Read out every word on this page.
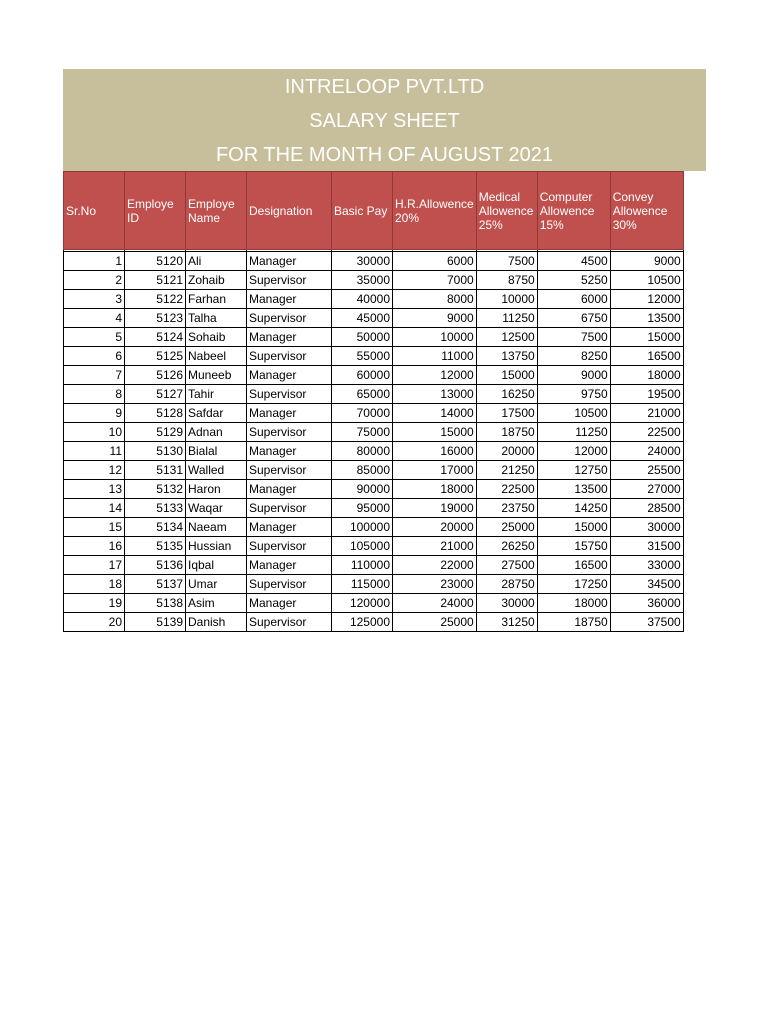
INTRELOOP PVT.LTD
SALARY SHEET
FOR THE MONTH OF AUGUST 2021
Sr.No	Employe ID	Employe Name	Designation	Basic Pay	H.R.Allowence 20%	Medical Allowence 25%	Computer Allowence 15%	Convey Allowence 30%

1	5120	Ali	Manager	30000	6000	7500	4500	9000
2	5121	Zohaib	Supervisor	35000	7000	8750	5250	10500
3	5122	Farhan	Manager	40000	8000	10000	6000	12000
4	5123	Talha	Supervisor	45000	9000	11250	6750	13500
5	5124	Sohaib	Manager	50000	10000	12500	7500	15000
6	5125	Nabeel	Supervisor	55000	11000	13750	8250	16500
7	5126	Muneeb	Manager	60000	12000	15000	9000	18000
8	5127	Tahir	Supervisor	65000	13000	16250	9750	19500
9	5128	Safdar	Manager	70000	14000	17500	10500	21000
10	5129	Adnan	Supervisor	75000	15000	18750	11250	22500
11	5130	Bialal	Manager	80000	16000	20000	12000	24000
12	5131	Walled	Supervisor	85000	17000	21250	12750	25500
13	5132	Haron	Manager	90000	18000	22500	13500	27000
14	5133	Waqar	Supervisor	95000	19000	23750	14250	28500
15	5134	Naeam	Manager	100000	20000	25000	15000	30000
16	5135	Hussian	Supervisor	105000	21000	26250	15750	31500
17	5136	Iqbal	Manager	110000	22000	27500	16500	33000
18	5137	Umar	Supervisor	115000	23000	28750	17250	34500
19	5138	Asim	Manager	120000	24000	30000	18000	36000
20	5139	Danish	Supervisor	125000	25000	31250	18750	37500
